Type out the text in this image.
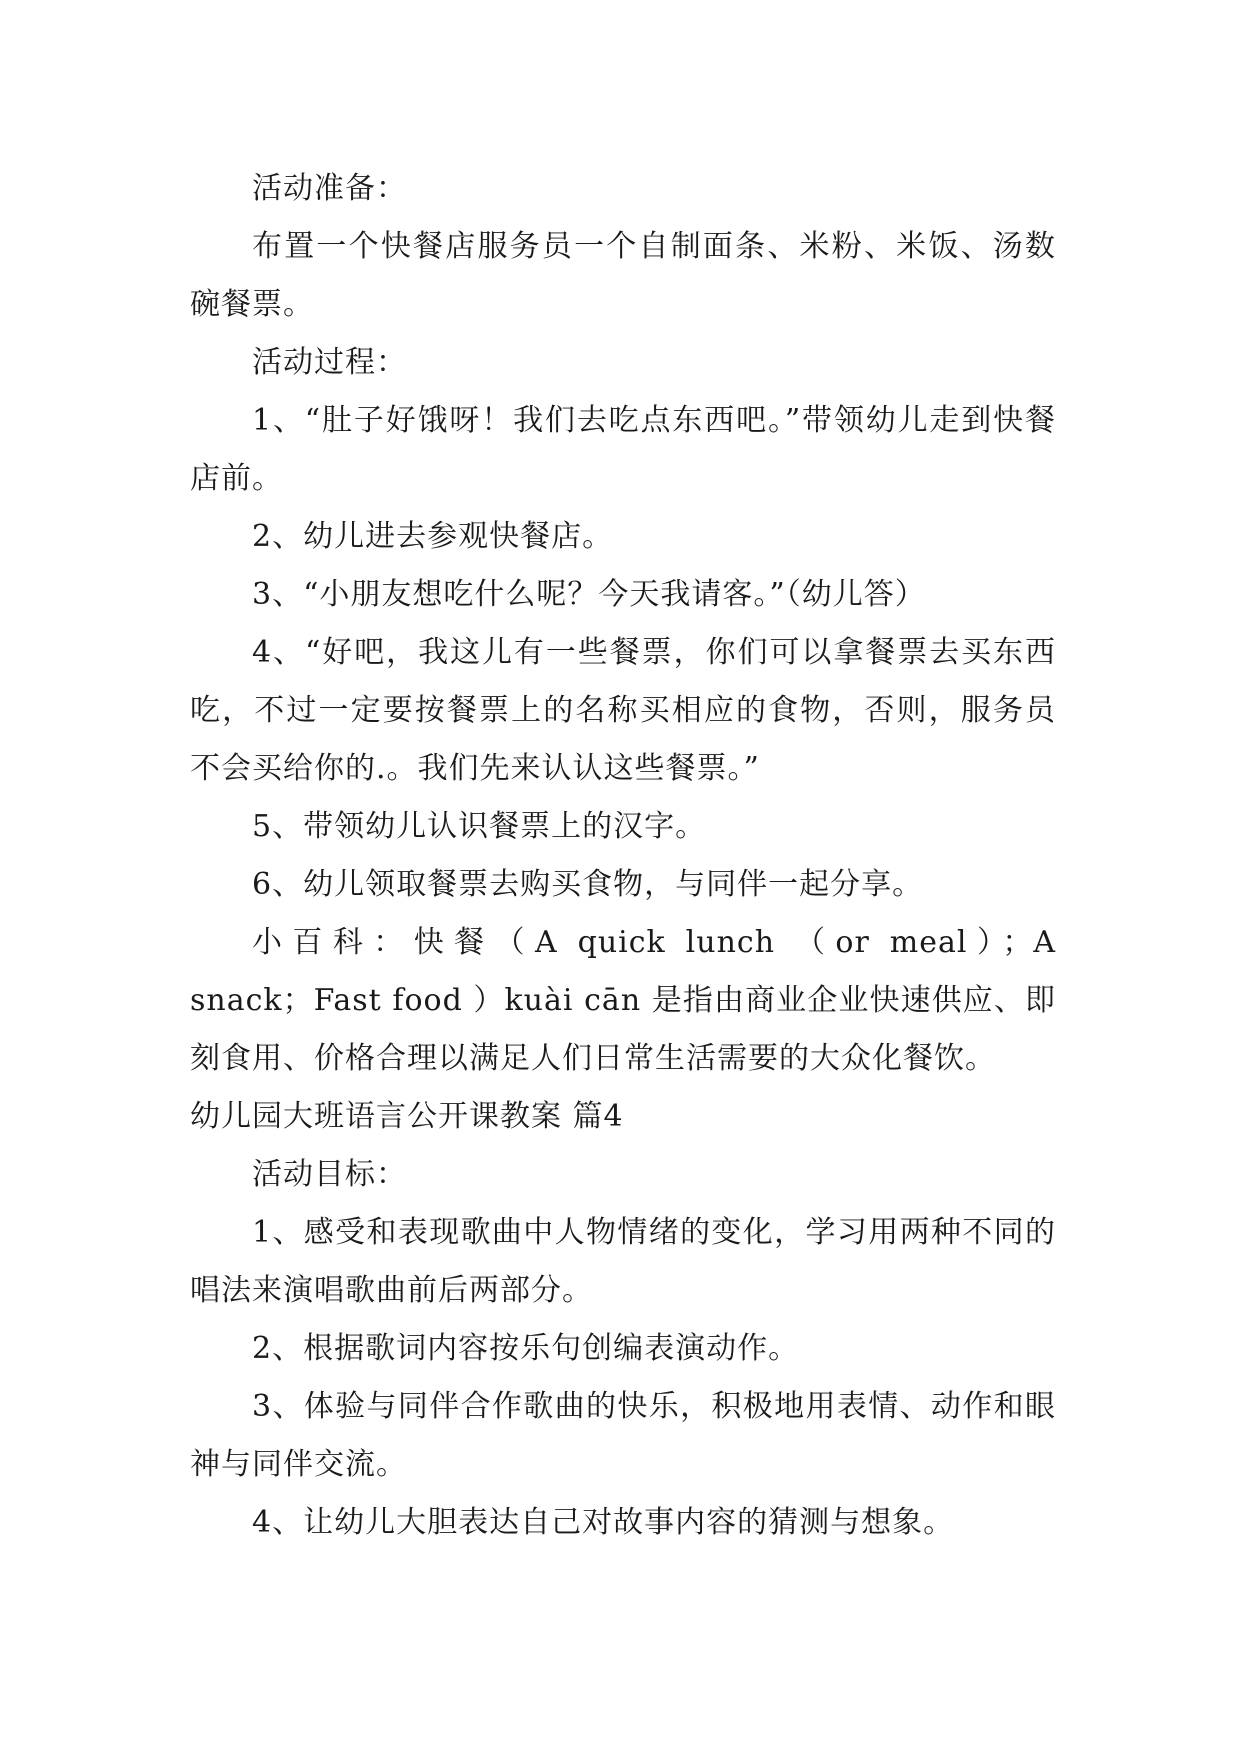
活动准备：

布置一个快餐店服务员一个自制面条、米粉、米饭、汤数碗餐票。

活动过程：

1、“肚子好饿呀！我们去吃点东西吧。”带领幼儿走到快餐店前。

2、幼儿进去参观快餐店。

3、“小朋友想吃什么呢？今天我请客。”（幼儿答）

4、“好吧，我这儿有一些餐票，你们可以拿餐票去买东西吃，不过一定要按餐票上的名称买相应的食物，否则，服务员不会买给你的.。我们先来认认这些餐票。”

5、带领幼儿认识餐票上的汉字。

6、幼儿领取餐票去购买食物，与同伴一起分享。

小百科：快餐（A quick lunch （or meal）；A snack；Fast food ）kuài cān 是指由商业企业快速供应、即刻食用、价格合理以满足人们日常生活需要的大众化餐饮。

幼儿园大班语言公开课教案 篇4

活动目标：

1、感受和表现歌曲中人物情绪的变化，学习用两种不同的唱法来演唱歌曲前后两部分。

2、根据歌词内容按乐句创编表演动作。

3、体验与同伴合作歌曲的快乐，积极地用表情、动作和眼神与同伴交流。

4、让幼儿大胆表达自己对故事内容的猜测与想象。
